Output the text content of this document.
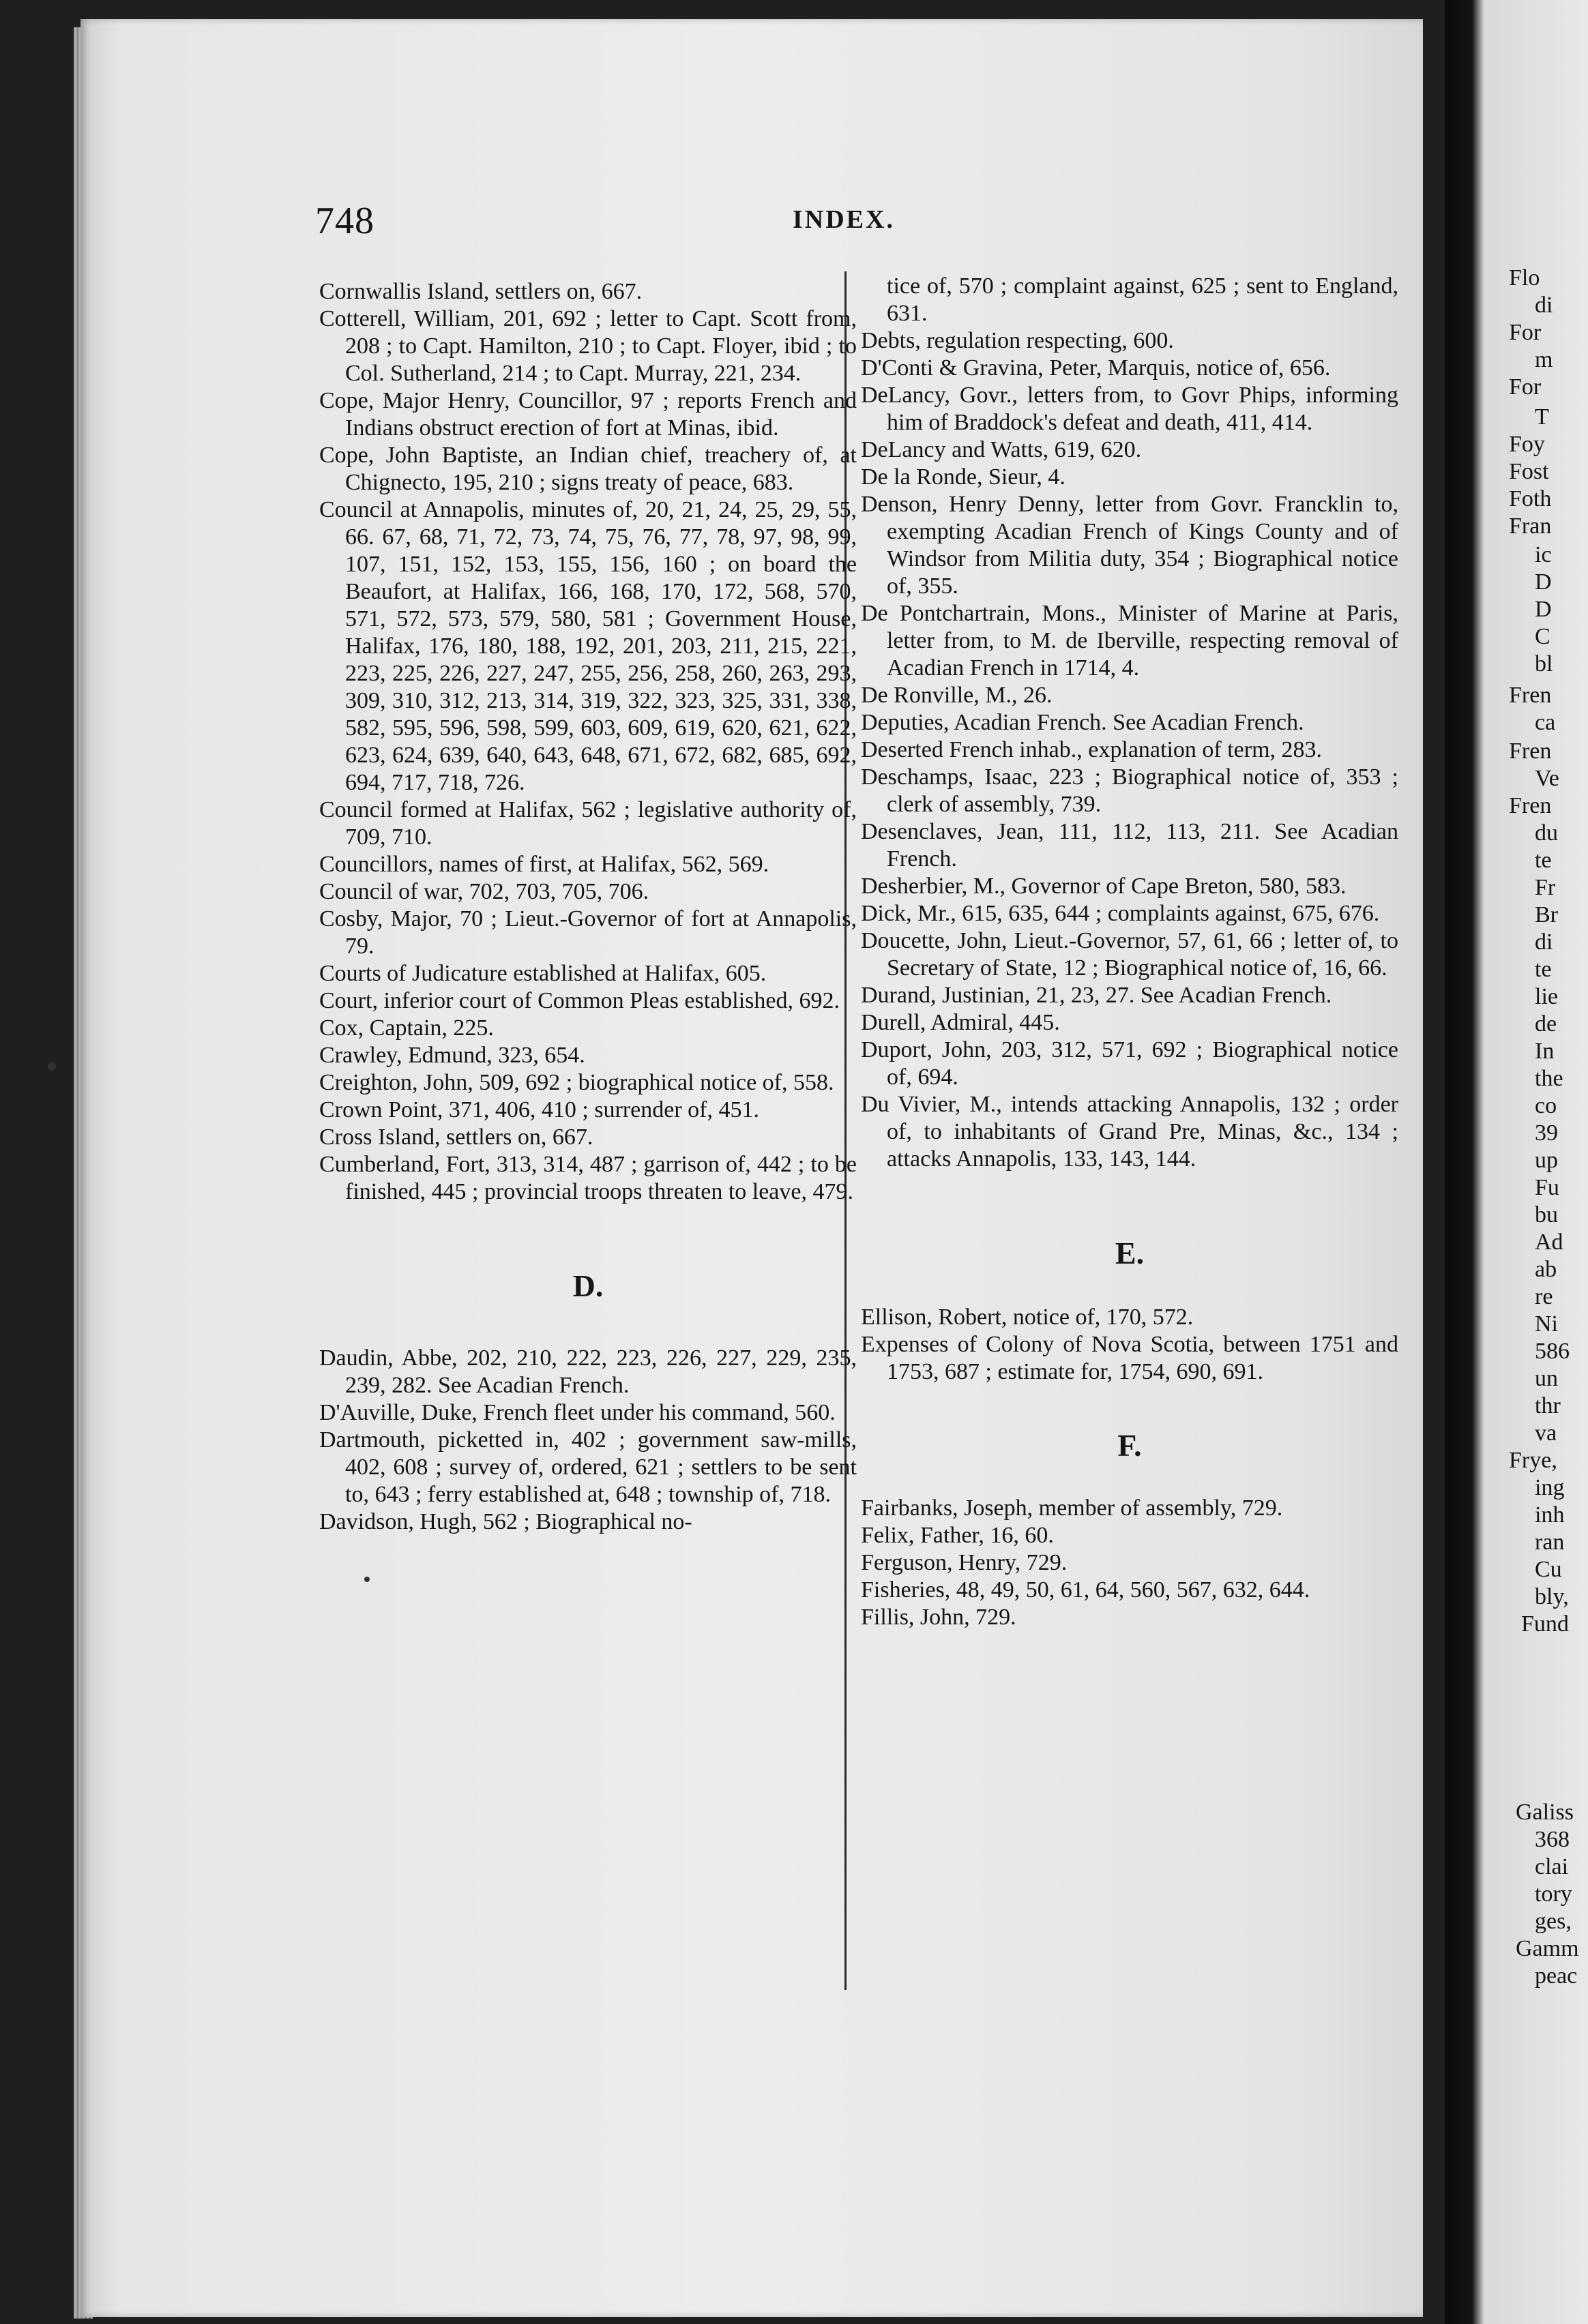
748	INDEX.

Cornwallis Island, settlers on, 667.

Cotterell, William, 201, 692 ; letter to Capt. Scott from, 208 ; to Capt. Hamilton, 210 ; to Capt. Floyer, ibid ; to Col. Sutherland, 214 ; to Capt. Murray, 221, 234.

Cope, Major Henry, Councillor, 97 ; reports French and Indians obstruct erection of fort at Minas, ibid.

Cope, John Baptiste, an Indian chief, treachery of, at Chignecto, 195, 210 ; signs treaty of peace, 683.

Council at Annapolis, minutes of, 20, 21, 24, 25, 29, 55, 66. 67, 68, 71, 72, 73, 74, 75, 76, 77, 78, 97, 98, 99, 107, 151, 152, 153, 155, 156, 160 ; on board the Beaufort, at Halifax, 166, 168, 170, 172, 568, 570, 571, 572, 573, 579, 580, 581 ; Government House, Halifax, 176, 180, 188, 192, 201, 203, 211, 215, 221, 223, 225, 226, 227, 247, 255, 256, 258, 260, 263, 293, 309, 310, 312, 213, 314, 319, 322, 323, 325, 331, 338, 582, 595, 596, 598, 599, 603, 609, 619, 620, 621, 622, 623, 624, 639, 640, 643, 648, 671, 672, 682, 685, 692, 694, 717, 718, 726.

Council formed at Halifax, 562 ; legislative authority of, 709, 710.

Councillors, names of first, at Halifax, 562, 569.

Council of war, 702, 703, 705, 706.

Cosby, Major, 70 ; Lieut.-Governor of fort at Annapolis, 79.

Courts of Judicature established at Halifax, 605.

Court, inferior court of Common Pleas established, 692.

Cox, Captain, 225.

Crawley, Edmund, 323, 654.

Creighton, John, 509, 692 ; biographical notice of, 558.

Crown Point, 371, 406, 410 ; surrender of, 451.

Cross Island, settlers on, 667.

Cumberland, Fort, 313, 314, 487 ; garrison of, 442 ; to be finished, 445 ; provincial troops threaten to leave, 479.

D.

Daudin, Abbe, 202, 210, 222, 223, 226, 227, 229, 235, 239, 282. See Acadian French.

D'Auville, Duke, French fleet under his command, 560.

Dartmouth, picketted in, 402 ; government saw-mills, 402, 608 ; survey of, ordered, 621 ; settlers to be sent to, 643 ; ferry established at, 648 ; township of, 718.

Davidson, Hugh, 562 ; Biographical no-

tice of, 570 ; complaint against, 625 ; sent to England, 631.

Debts, regulation respecting, 600.

D'Conti & Gravina, Peter, Marquis, notice of, 656.

DeLancy, Govr., letters from, to Govr Phips, informing him of Braddock's defeat and death, 411, 414.

DeLancy and Watts, 619, 620.

De la Ronde, Sieur, 4.

Denson, Henry Denny, letter from Govr. Francklin to, exempting Acadian French of Kings County and of Windsor from Militia duty, 354 ; Biographical notice of, 355.

De Pontchartrain, Mons., Minister of Marine at Paris, letter from, to M. de Iberville, respecting removal of Acadian French in 1714, 4.

De Ronville, M., 26.

Deputies, Acadian French. See Acadian French.

Deserted French inhab., explanation of term, 283.

Deschamps, Isaac, 223 ; Biographical notice of, 353 ; clerk of assembly, 739.

Desenclaves, Jean, 111, 112, 113, 211. See Acadian French.

Desherbier, M., Governor of Cape Breton, 580, 583.

Dick, Mr., 615, 635, 644 ; complaints against, 675, 676.

Doucette, John, Lieut.-Governor, 57, 61, 66 ; letter of, to Secretary of State, 12 ; Biographical notice of, 16, 66.

Durand, Justinian, 21, 23, 27. See Acadian French.

Durell, Admiral, 445.

Duport, John, 203, 312, 571, 692 ; Biographical notice of, 694.

Du Vivier, M., intends attacking Annapolis, 132 ; order of, to inhabitants of Grand Pre, Minas, &c., 134 ; attacks Annapolis, 133, 143, 144.

E.

Ellison, Robert, notice of, 170, 572.

Expenses of Colony of Nova Scotia, between 1751 and 1753, 687 ; estimate for, 1754, 690, 691.

F.

Fairbanks, Joseph, member of assembly, 729.

Felix, Father, 16, 60.

Ferguson, Henry, 729.

Fisheries, 48, 49, 50, 61, 64, 560, 567, 632, 644.

Fillis, John, 729.

Flo
di
For
m
For
T
Foy
Fost
Foth
Fran
ic
D
D
C
bl
Fren
ca
Fren
Ve
Fren
du
te
Fr
Br
di
te
lie
de
In
the
co
39
up
Fu
bu
Ad
ab
re
Ni
586
un
thr
va
Frye,
ing
inh
ran
Cu
bly,
Fund
Galiss
368
clai
tory
ges,
Gamm
peac
